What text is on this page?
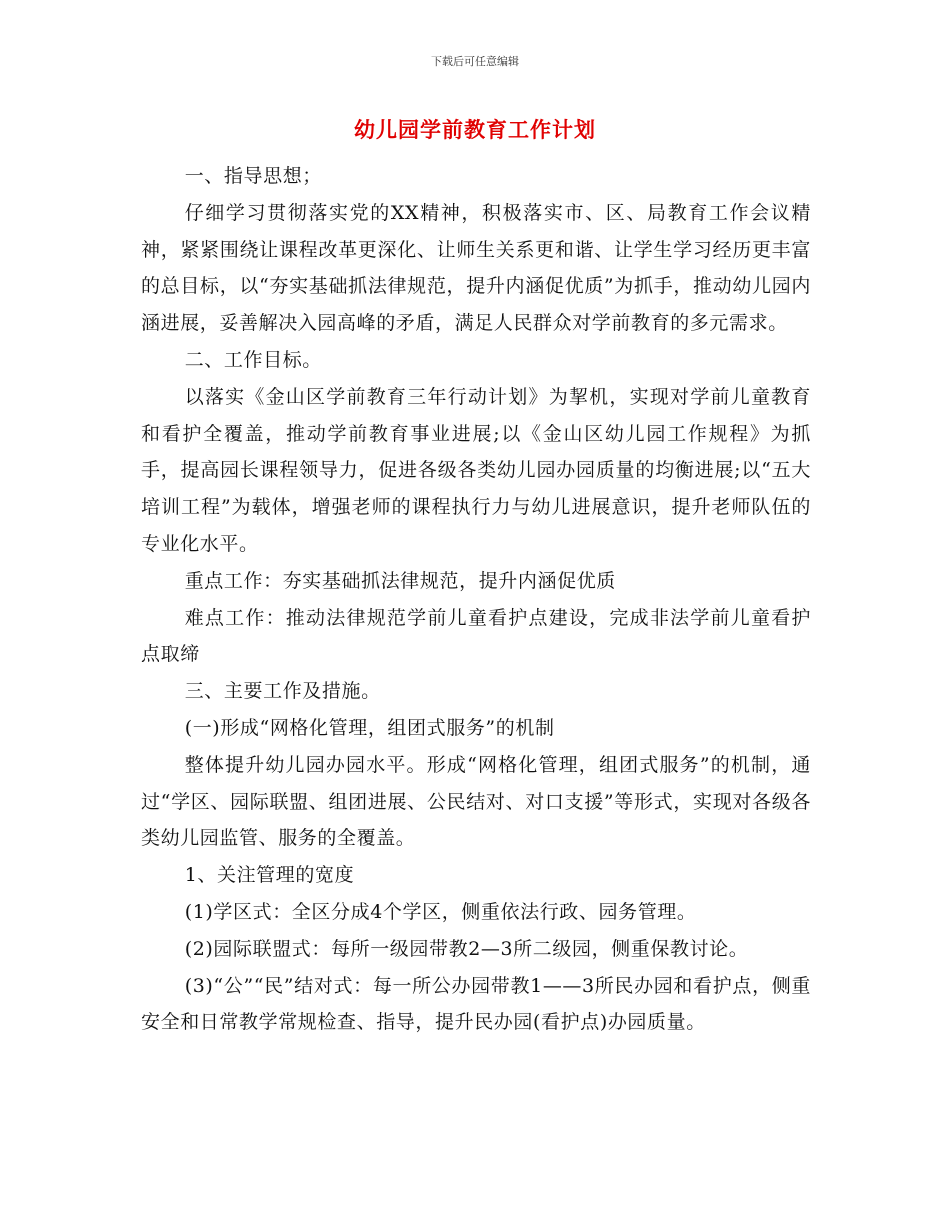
下载后可任意编辑
幼儿园学前教育工作计划

一、指导思想；

仔细学习贯彻落实党的XX精神，积极落实市、区、局教育工作会议精神，紧紧围绕让课程改革更深化、让师生关系更和谐、让学生学习经历更丰富的总目标，以“夯实基础抓法律规范，提升内涵促优质”为抓手，推动幼儿园内涵进展，妥善解决入园高峰的矛盾，满足人民群众对学前教育的多元需求。

二、工作目标。

以落实《金山区学前教育三年行动计划》为挈机，实现对学前儿童教育和看护全覆盖，推动学前教育事业进展;以《金山区幼儿园工作规程》为抓手，提高园长课程领导力，促进各级各类幼儿园办园质量的均衡进展;以“五大培训工程”为载体，增强老师的课程执行力与幼儿进展意识，提升老师队伍的专业化水平。

重点工作：夯实基础抓法律规范，提升内涵促优质

难点工作：推动法律规范学前儿童看护点建设，完成非法学前儿童看护点取缔

三、主要工作及措施。

(一)形成“网格化管理，组团式服务”的机制

整体提升幼儿园办园水平。形成“网格化管理，组团式服务”的机制，通过“学区、园际联盟、组团进展、公民结对、对口支援”等形式，实现对各级各类幼儿园监管、服务的全覆盖。

1、关注管理的宽度

(1)学区式：全区分成4个学区，侧重依法行政、园务管理。

(2)园际联盟式：每所一级园带教2—3所二级园，侧重保教讨论。

(3)“公”“民”结对式：每一所公办园带教1——3所民办园和看护点，侧重安全和日常教学常规检查、指导，提升民办园(看护点)办园质量。
